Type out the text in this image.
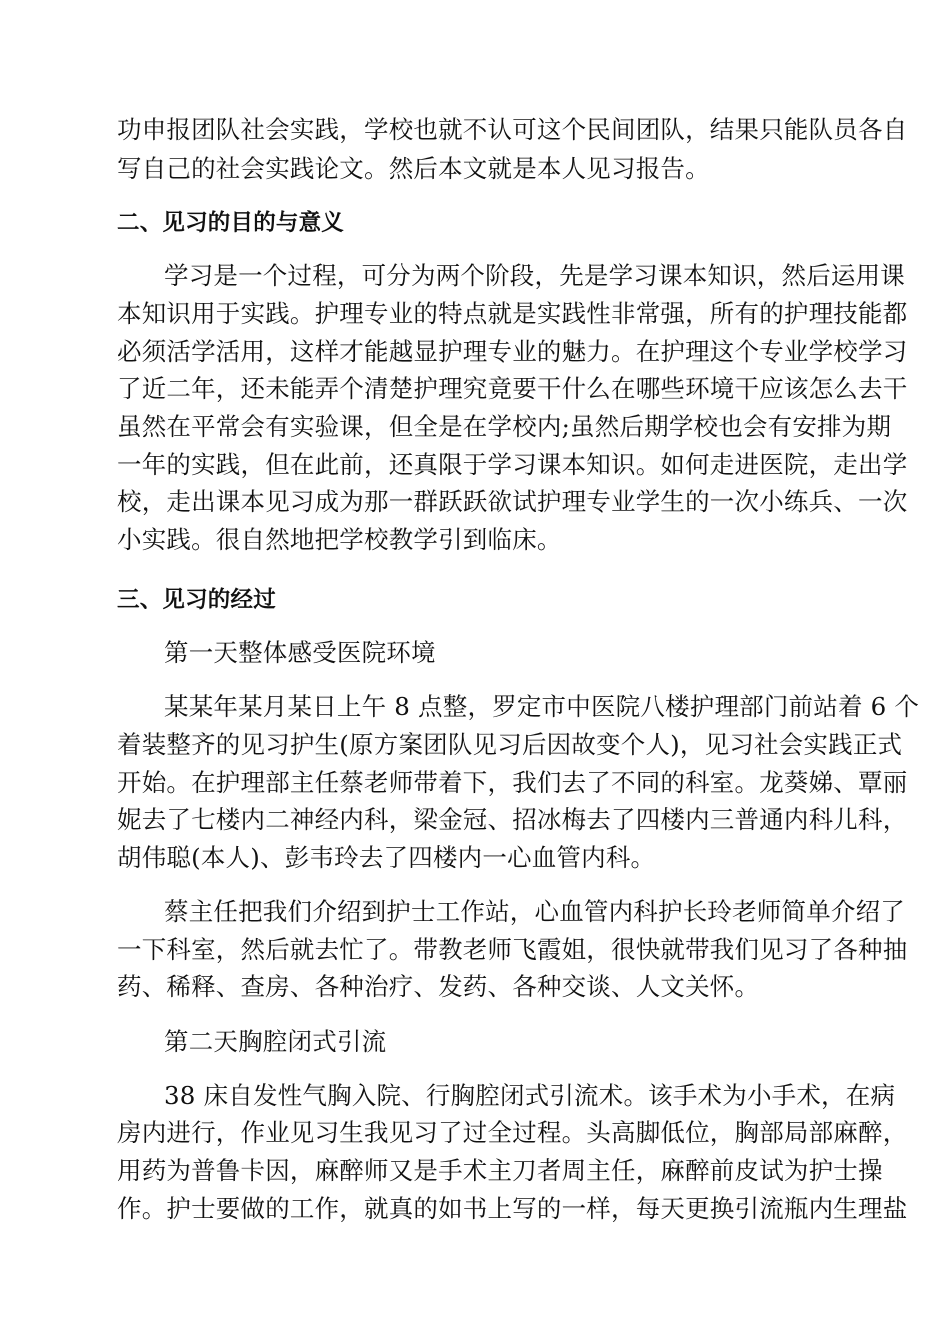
功申报团队社会实践，学校也就不认可这个民间团队，结果只能队员各自
写自己的社会实践论文。然后本文就是本人见习报告。
二、见习的目的与意义
学习是一个过程，可分为两个阶段，先是学习课本知识，然后运用课
本知识用于实践。护理专业的特点就是实践性非常强，所有的护理技能都
必须活学活用，这样才能越显护理专业的魅力。在护理这个专业学校学习
了近二年，还未能弄个清楚护理究竟要干什么在哪些环境干应该怎么去干
虽然在平常会有实验课，但全是在学校内;虽然后期学校也会有安排为期
一年的实践，但在此前，还真限于学习课本知识。如何走进医院，走出学
校，走出课本见习成为那一群跃跃欲试护理专业学生的一次小练兵、一次
小实践。很自然地把学校教学引到临床。
三、见习的经过
第一天整体感受医院环境
某某年某月某日上午 8 点整，罗定市中医院八楼护理部门前站着 6 个
着装整齐的见习护生(原方案团队见习后因故变个人)，见习社会实践正式
开始。在护理部主任蔡老师带着下，我们去了不同的科室。龙葵娣、覃丽
妮去了七楼内二神经内科，梁金冠、招冰梅去了四楼内三普通内科儿科，
胡伟聪(本人)、彭韦玲去了四楼内一心血管内科。
蔡主任把我们介绍到护士工作站，心血管内科护长玲老师简单介绍了
一下科室，然后就去忙了。带教老师飞霞姐，很快就带我们见习了各种抽
药、稀释、查房、各种治疗、发药、各种交谈、人文关怀。
第二天胸腔闭式引流
38 床自发性气胸入院、行胸腔闭式引流术。该手术为小手术，在病
房内进行，作业见习生我见习了过全过程。头高脚低位，胸部局部麻醉，
用药为普鲁卡因，麻醉师又是手术主刀者周主任，麻醉前皮试为护士操
作。护士要做的工作，就真的如书上写的一样，每天更换引流瓶内生理盐
